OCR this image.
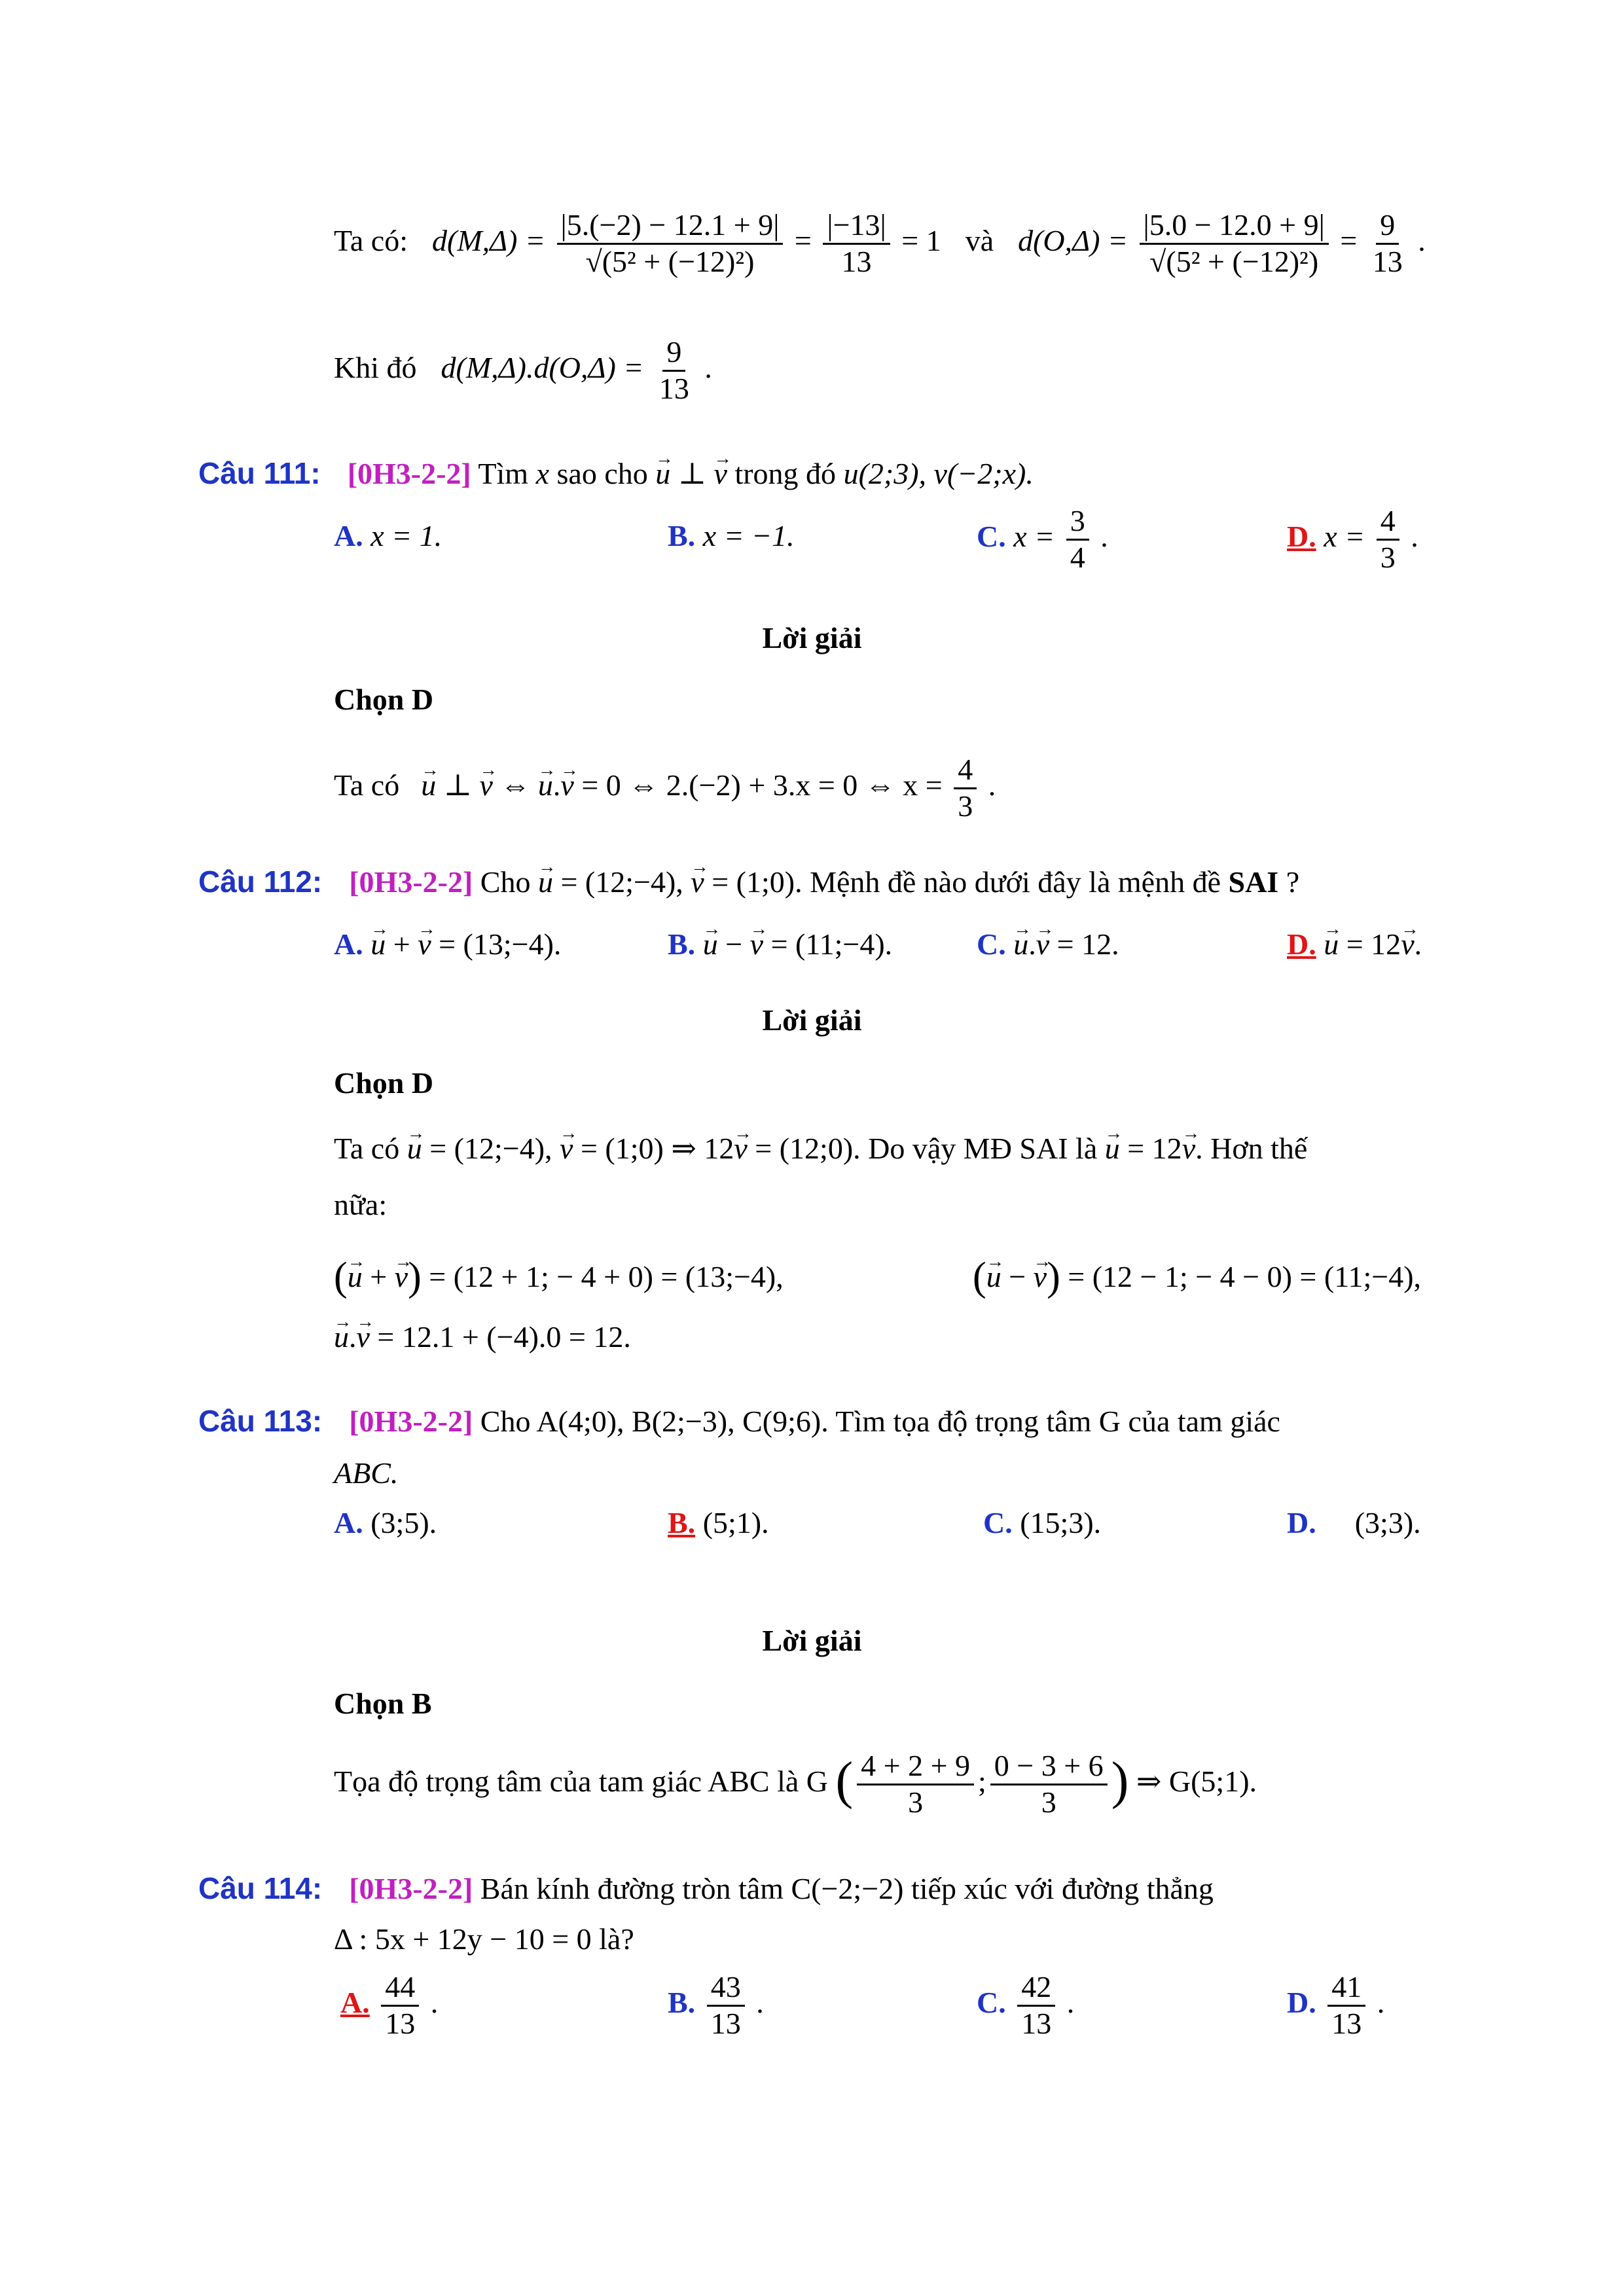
Ta có: $d(M,\Delta) = \frac{|5.(-2) - 12.1 + 9|}{\text{√(5² + (−12)²)}} = \frac{|-13|}{13} = 1$ và $d(O,\Delta) = \frac{|5.0 - 12.0 + 9|}{\text{√(5² + (−12)²)}} = \frac{9}{13}$ .
Khi đó $d(M,\Delta).d(O,\Delta) = \frac{9}{13}$ .
Câu 111: [0H3-2-2] Tìm x sao cho → u ⊥ → v trong đó u(2;3), v(−2;x).
A. x = 1.	B. x = −1.	C. $x = \frac{3}{4}$ .	D. $x = \frac{4}{3}$ .
Lời giải
Chọn D
Ta có → u ⊥ → v ⇔ → u.→ v = 0 ⇔ 2.(−2) + 3.x = 0 ⇔ $x = \frac{4}{3}$ .
Câu 112: [0H3-2-2] Cho → u = (12;−4), → v = (1;0). Mệnh đề nào dưới đây là mệnh đề SAI ?
A. → u + → v = (13;−4).	B. → u − → v = (11;−4).	C. → u.→ v = 12.	D. → u = 12→ v.
Lời giải
Chọn D
Ta có → u = (12;−4), → v = (1;0) ⇒ 12→ v = (12;0). Do vậy MĐ SAI là → u = 12→ v. Hơn thế
nữa:
(→ u + → v) = (12 + 1; − 4 + 0) = (13;−4),	(→ u − → v) = (12 − 1; − 4 − 0) = (11;−4),
→ u.→ v = 12.1 + (−4).0 = 12.
Câu 113: [0H3-2-2] Cho A(4;0), B(2;−3), C(9;6). Tìm tọa độ trọng tâm G của tam giác
ABC.
A. (3;5).	B. (5;1).	C. (15;3).	D. (3;3).
Lời giải
Chọn B
Tọa độ trọng tâm của tam giác ABC là G ( $\frac{4 + 2 + 9}{3}$ ; $\frac{0 - 3 + 6}{3}$ ) ⇒ G(5;1).
Câu 114: [0H3-2-2] Bán kính đường tròn tâm C(−2;−2) tiếp xúc với đường thẳng
Δ : 5x + 12y − 10 = 0 là?
A. $\frac{44}{13}$ .	B. $\frac{43}{13}$ .	C. $\frac{42}{13}$ .	D. $\frac{41}{13}$ .
